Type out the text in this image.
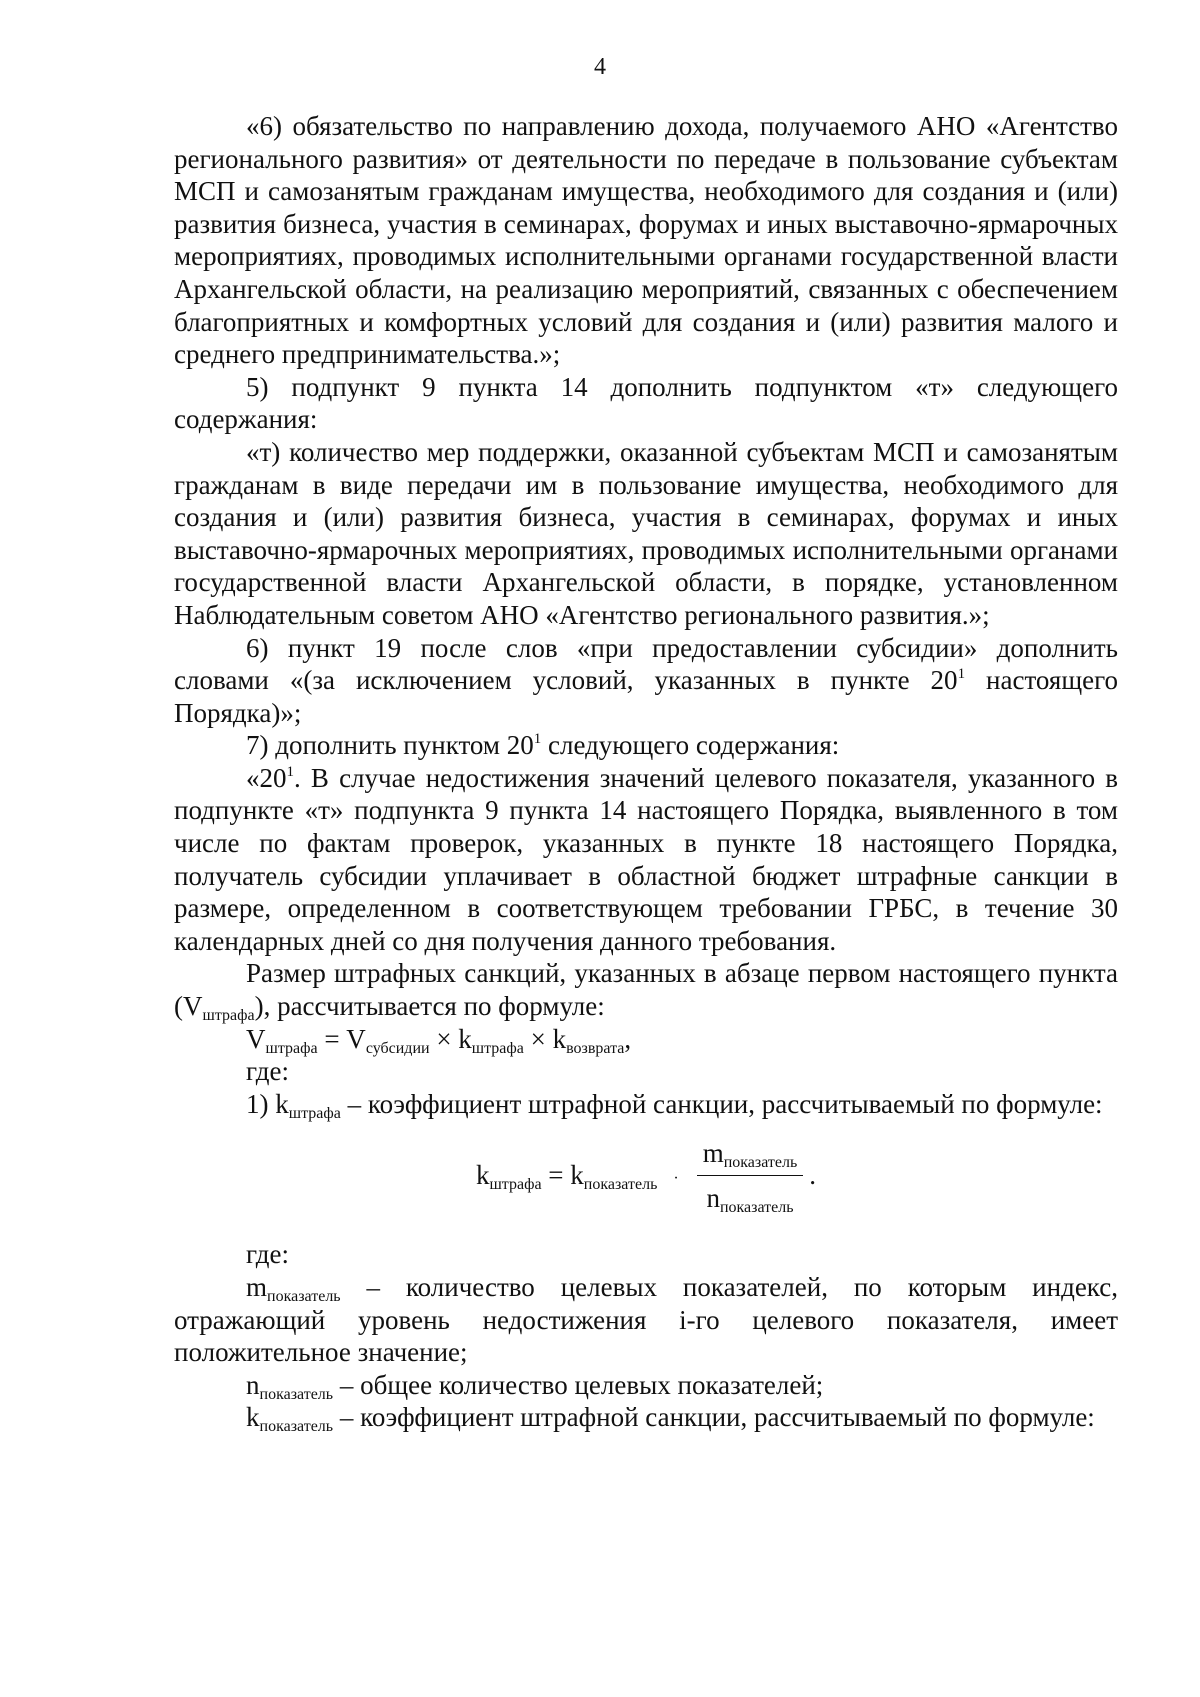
4

«6) обязательство по направлению дохода, получаемого АНО «Агентство регионального развития» от деятельности по передаче в пользование субъектам МСП и самозанятым гражданам имущества, необходимого для создания и (или) развития бизнеса, участия в семинарах, форумах и иных выставочно-ярмарочных мероприятиях, проводимых исполнительными органами государственной власти Архангельской области, на реализацию мероприятий, связанных с обеспечением благоприятных и комфортных условий для создания и (или) развития малого и среднего предпринимательства.»;

5) подпункт 9 пункта 14 дополнить подпунктом «т» следующего содержания:

«т) количество мер поддержки, оказанной субъектам МСП и самозанятым гражданам в виде передачи им в пользование имущества, необходимого для создания и (или) развития бизнеса, участия в семинарах, форумах и иных выставочно-ярмарочных мероприятиях, проводимых исполнительными органами государственной власти Архангельской области, в порядке, установленном Наблюдательным советом АНО «Агентство регионального развития.»;

6) пункт 19 после слов «при предоставлении субсидии» дополнить словами «(за исключением условий, указанных в пункте $20^1$ настоящего Порядка)»;

7) дополнить пунктом $20^1$ следующего содержания:

«$20^1$. В случае недостижения значений целевого показателя, указанного в подпункте «т» подпункта 9 пункта 14 настоящего Порядка, выявленного в том числе по фактам проверок, указанных в пункте 18 настоящего Порядка, получатель субсидии уплачивает в областной бюджет штрафные санкции в размере, определенном в соответствующем требовании ГРБС, в течение 30 календарных дней со дня получения данного требования.

Размер штрафных санкций, указанных в абзаце первом настоящего пункта $(V_{штрафа})$, рассчитывается по формуле:

$V_{штрафа} = V_{субсидии} \times k_{штрафа} \times k_{возврата}$,

где:

1) $k_{штрафа}$ – коэффициент штрафной санкции, рассчитываемый по формуле:

$k_{штрафа} = k_{показатель} \cdot \frac{m_{показатель}}{n_{показатель}}$ .

где:

$m_{показатель}$ – количество целевых показателей, по которым индекс, отражающий уровень недостижения i-го целевого показателя, имеет положительное значение;

$n_{показатель}$ – общее количество целевых показателей;

$k_{показатель}$ – коэффициент штрафной санкции, рассчитываемый по формуле:
